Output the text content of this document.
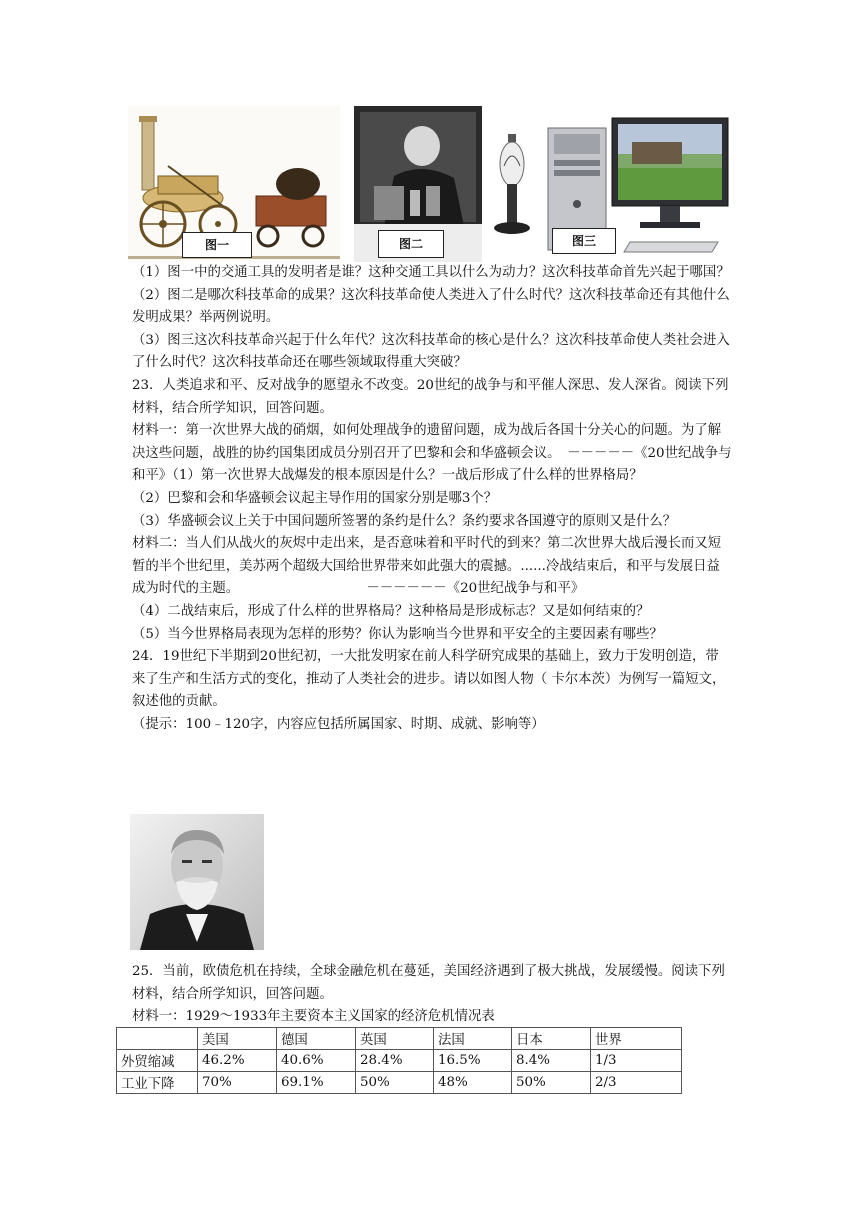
图一	图二	图三

（1）图一中的交通工具的发明者是谁？这种交通工具以什么为动力？这次科技革命首先兴起于哪国？

（2）图二是哪次科技革命的成果？这次科技革命使人类进入了什么时代？这次科技革命还有其他什么发明成果？举两例说明。

（3）图三这次科技革命兴起于什么年代？这次科技革命的核心是什么？这次科技革命使人类社会进入了什么时代？这次科技革命还在哪些领域取得重大突破？

23．人类追求和平、反对战争的愿望永不改变。20世纪的战争与和平催人深思、发人深省。阅读下列材料，结合所学知识，回答问题。

材料一：第一次世界大战的硝烟，如何处理战争的遗留问题，成为战后各国十分关心的问题。为了解决这些问题，战胜的协约国集团成员分别召开了巴黎和会和华盛顿会议。　－－－－－《20世纪战争与和平》（1）第一次世界大战爆发的根本原因是什么？一战后形成了什么样的世界格局？

（2）巴黎和会和华盛顿会议起主导作用的国家分别是哪3个？

（3）华盛顿会议上关于中国问题所签署的条约是什么？条约要求各国遵守的原则又是什么？

材料二：当人们从战火的灰烬中走出来，是否意味着和平时代的到来？第二次世界大战后漫长而又短暂的半个世纪里，美苏两个超级大国给世界带来如此强大的震撼。......冷战结束后，和平与发展日益成为时代的主题。　　　　　　　　　　－－－－－－《20世纪战争与和平》

（4）二战结束后，形成了什么样的世界格局？这种格局是形成标志？又是如何结束的？

（5）当今世界格局表现为怎样的形势？你认为影响当今世界和平安全的主要因素有哪些？

24．19世纪下半期到20世纪初，一大批发明家在前人科学研究成果的基础上，致力于发明创造，带来了生产和生活方式的变化，推动了人类社会的进步。请以如图人物（ 卡尔本茨）为例写一篇短文，叙述他的贡献。

（提示：100﹣120字，内容应包括所属国家、时期、成就、影响等）

25．当前，欧债危机在持续，全球金融危机在蔓延，美国经济遇到了极大挑战，发展缓慢。阅读下列材料，结合所学知识，回答问题。

材料一：1929～1933年主要资本主义国家的经济危机情况表

	美国	德国	英国	法国	日本	世界
外贸缩减	46.2%	40.6%	28.4%	16.5%	8.4%	1/3
工业下降	70%	69.1%	50%	48%	50%	2/3
